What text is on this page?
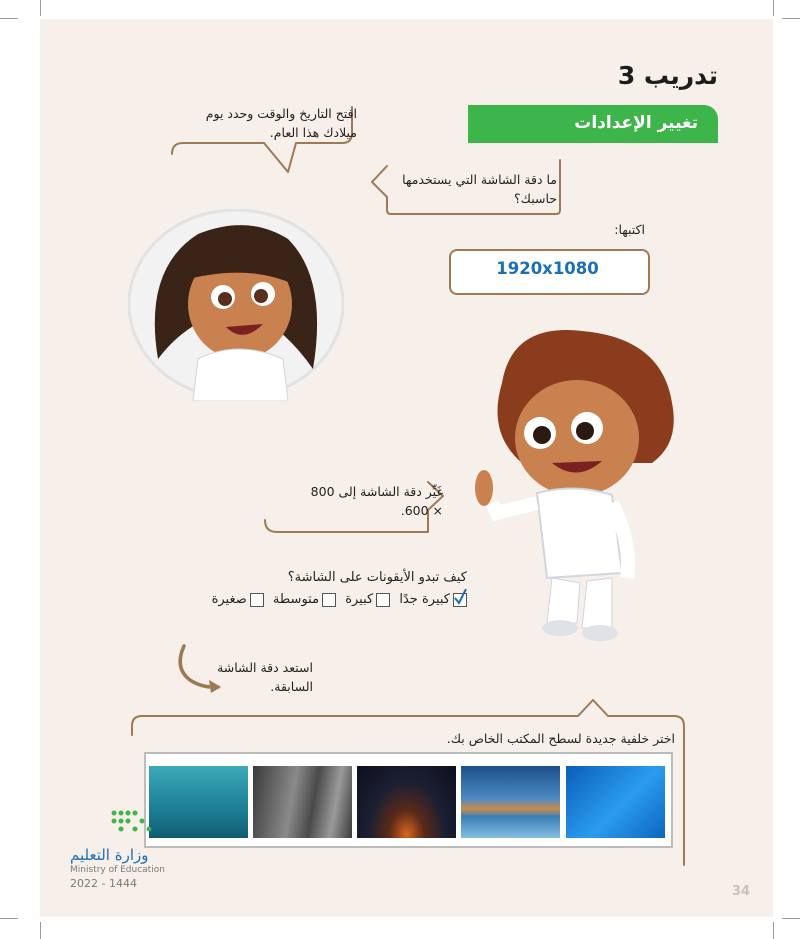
تدريب 3
تغيير الإعدادات
افتح التاريخ والوقت وحدد يوم ميلادك هذا العام.
ما دقة الشاشة التي يستخدمها حاسبك؟
غَيِّر دقة الشاشة إلى 800 × 600.
استعد دقة الشاشة السابقة.
اختر خلفية جديدة لسطح المكتب الخاص بك.
اكتبها:
1920x1080
كيف تبدو الأيقونات على الشاشة؟
كبيرة جدًا كبيرة متوسطة صغيرة
وزارة التعليم
Ministry of Education
2022 - 1444
34
